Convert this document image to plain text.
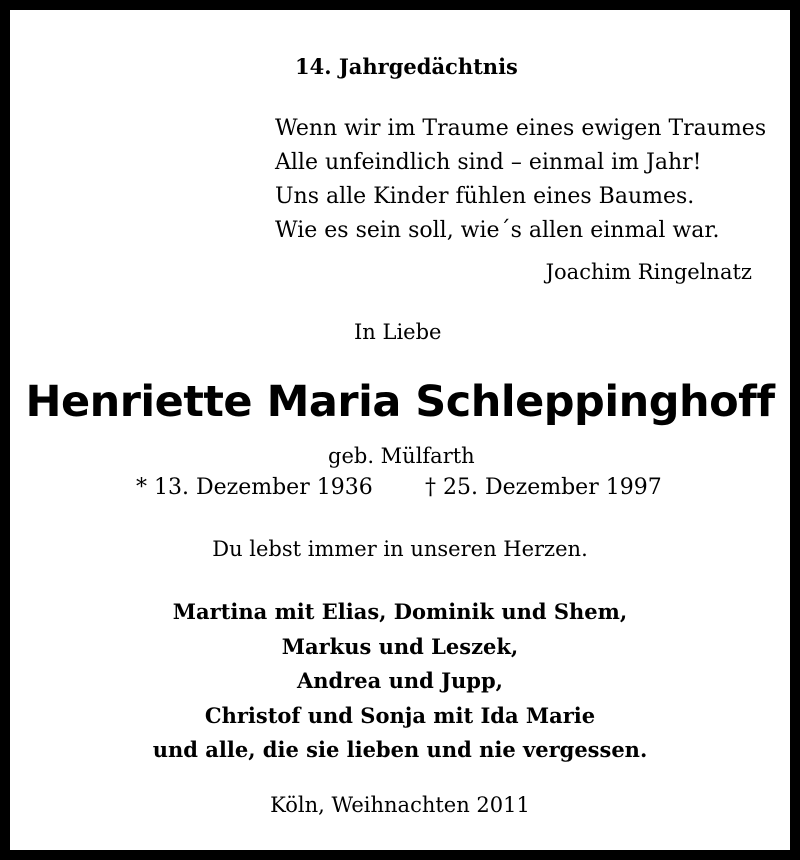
14. Jahrgedächtnis

Wenn wir im Traume eines ewigen Traumes
Alle unfeindlich sind – einmal im Jahr!
Uns alle Kinder fühlen eines Baumes.
Wie es sein soll, wie´s allen einmal war.

Joachim Ringelnatz

In Liebe

Henriette Maria Schleppinghoff

geb. Mülfarth

* 13. Dezember 1936 † 25. Dezember 1997

Du lebst immer in unseren Herzen.

Martina mit Elias, Dominik und Shem,
Markus und Leszek,
Andrea und Jupp,
Christof und Sonja mit Ida Marie
und alle, die sie lieben und nie vergessen.

Köln, Weihnachten 2011
